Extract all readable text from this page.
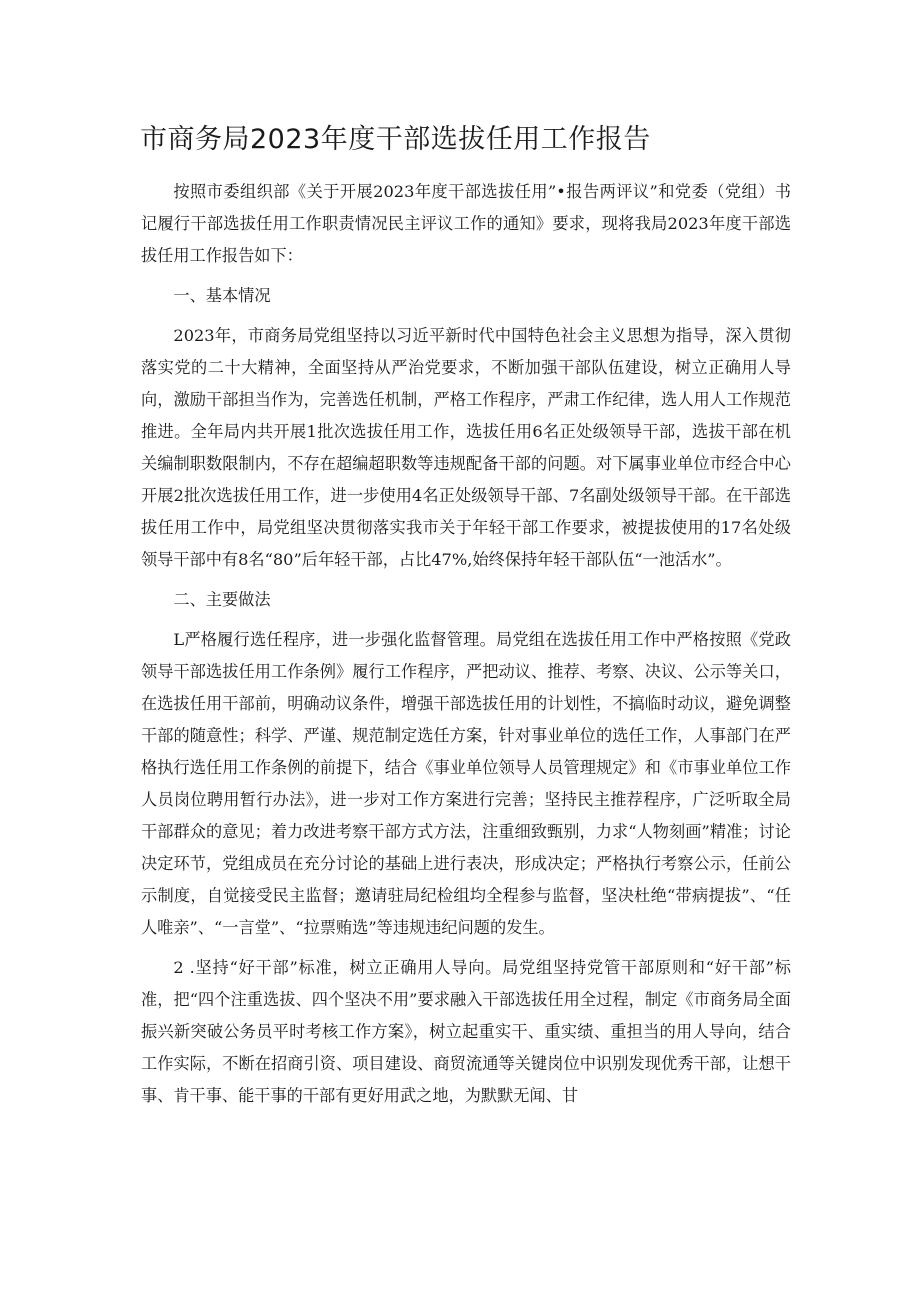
市商务局2023年度干部选拔任用工作报告

按照市委组织部《关于开展2023年度干部选拔任用”•报告两评议”和党委（党组）书记履行干部选拔任用工作职责情况民主评议工作的通知》要求，现将我局2023年度干部选拔任用工作报告如下：

一、基本情况

2023年，市商务局党组坚持以习近平新时代中国特色社会主义思想为指导，深入贯彻落实党的二十大精神，全面坚持从严治党要求，不断加强干部队伍建设，树立正确用人导向，激励干部担当作为，完善选任机制，严格工作程序，严肃工作纪律，选人用人工作规范推进。全年局内共开展1批次选拔任用工作，选拔任用6名正处级领导干部，选拔干部在机关编制职数限制内，不存在超编超职数等违规配备干部的问题。对下属事业单位市经合中心开展2批次选拔任用工作，进一步使用4名正处级领导干部、7名副处级领导干部。在干部选拔任用工作中，局党组坚决贯彻落实我市关于年轻干部工作要求，被提拔使用的17名处级领导干部中有8名“80”后年轻干部，占比47%,始终保持年轻干部队伍“一池活水”。

二、主要做法

L严格履行选任程序，进一步强化监督管理。局党组在选拔任用工作中严格按照《党政领导干部选拔任用工作条例》履行工作程序，严把动议、推荐、考察、决议、公示等关口，在选拔任用干部前，明确动议条件，增强干部选拔任用的计划性，不搞临时动议，避免调整干部的随意性；科学、严谨、规范制定选任方案，针对事业单位的选任工作，人事部门在严格执行选任用工作条例的前提下，结合《事业单位领导人员管理规定》和《市事业单位工作人员岗位聘用暂行办法》，进一步对工作方案进行完善；坚持民主推荐程序，广泛听取全局干部群众的意见；着力改进考察干部方式方法，注重细致甄别，力求“人物刻画”精准；讨论决定环节，党组成员在充分讨论的基础上进行表决，形成决定；严格执行考察公示，任前公示制度，自觉接受民主监督；邀请驻局纪检组均全程参与监督，坚决杜绝“带病提拔”、“任人唯亲”、“一言堂”、“拉票贿选”等违规违纪问题的发生。

2 .坚持“好干部”标准，树立正确用人导向。局党组坚持党管干部原则和“好干部”标准，把“四个注重选拔、四个坚决不用”要求融入干部选拔任用全过程，制定《市商务局全面振兴新突破公务员平时考核工作方案》，树立起重实干、重实绩、重担当的用人导向，结合工作实际，不断在招商引资、项目建设、商贸流通等关键岗位中识别发现优秀干部，让想干事、肯干事、能干事的干部有更好用武之地，为默默无闻、甘
